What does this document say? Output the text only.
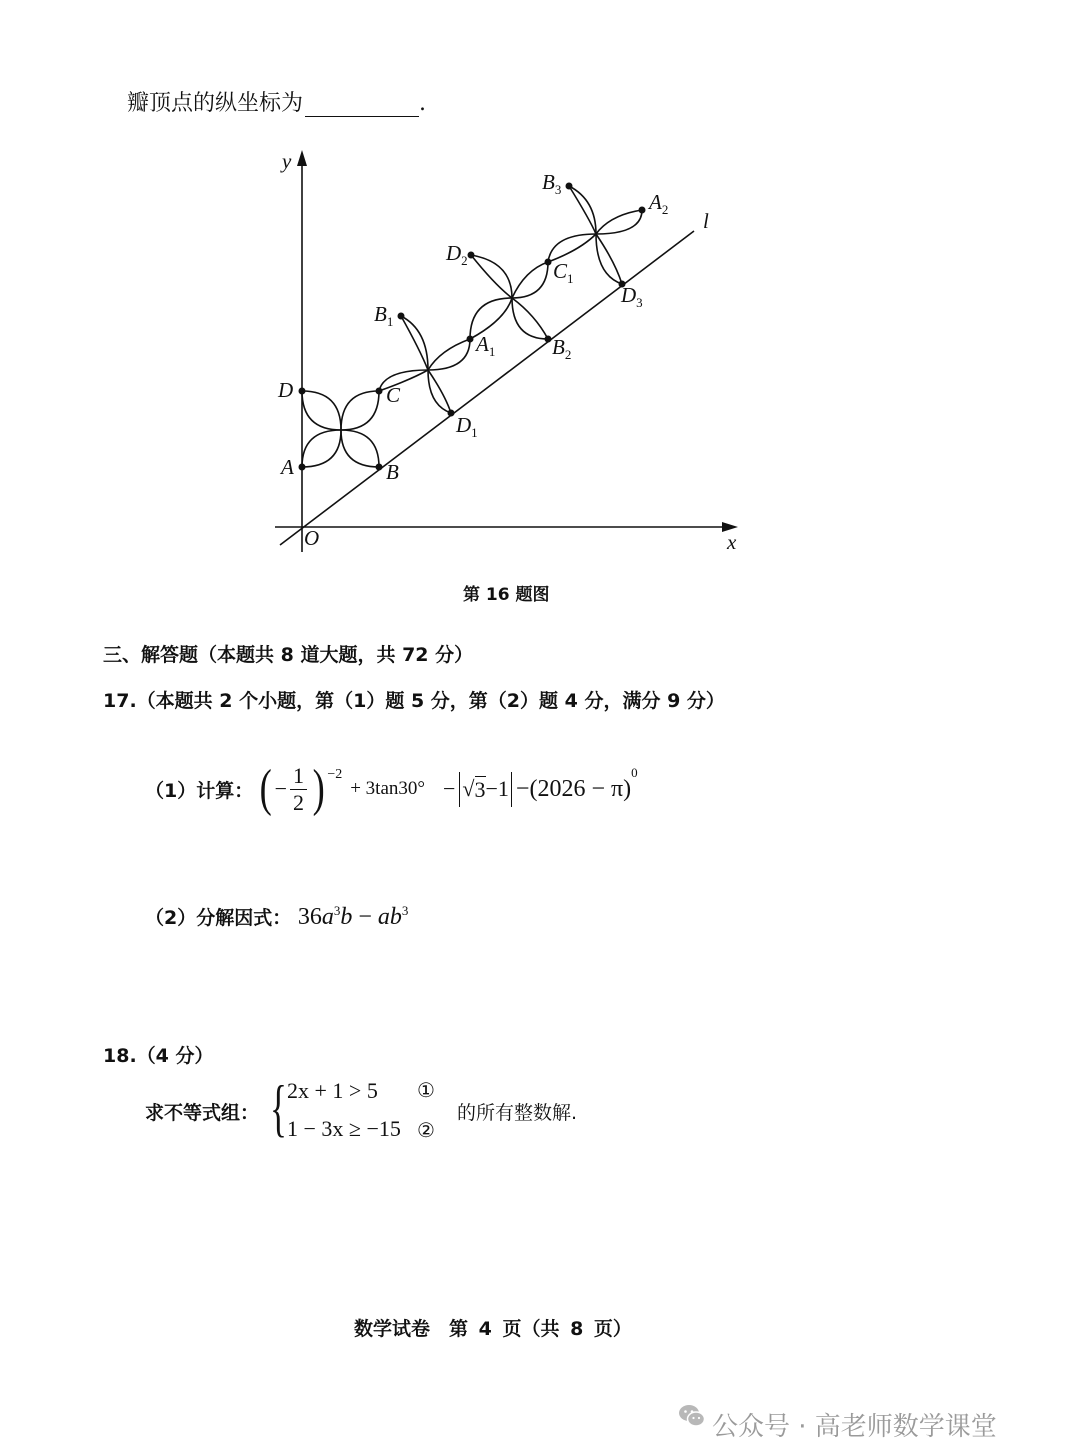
瓣顶点的纵坐标为	.
y
x
O
l
A	B
C
D
$A_1$
$B_1$
$D_1$
$C_1$
$D_2$
$B_2$
$A_2$
$B_3$
$D_3$
第 16 题图
三、解答题（本题共 8 道大题，共 72 分）
17.（本题共 2 个小题，第（1）题 5 分，第（2）题 4 分，满分 9 分）
（1）计算： ( − $\frac{1}{2} )^{-2}$
+ 3tan30° − √ 3 −1 −(2026 − π)
$^0$
（2）分解因式： $36a^3b - ab^3$
18.（4 分）
求不等式组： { 2x + 1 > 5
1 − 3x ≥ −15
①
②
的所有整数解.
数学试卷　第 4 页（共 8 页）
公众号 · 高老师数学课堂
